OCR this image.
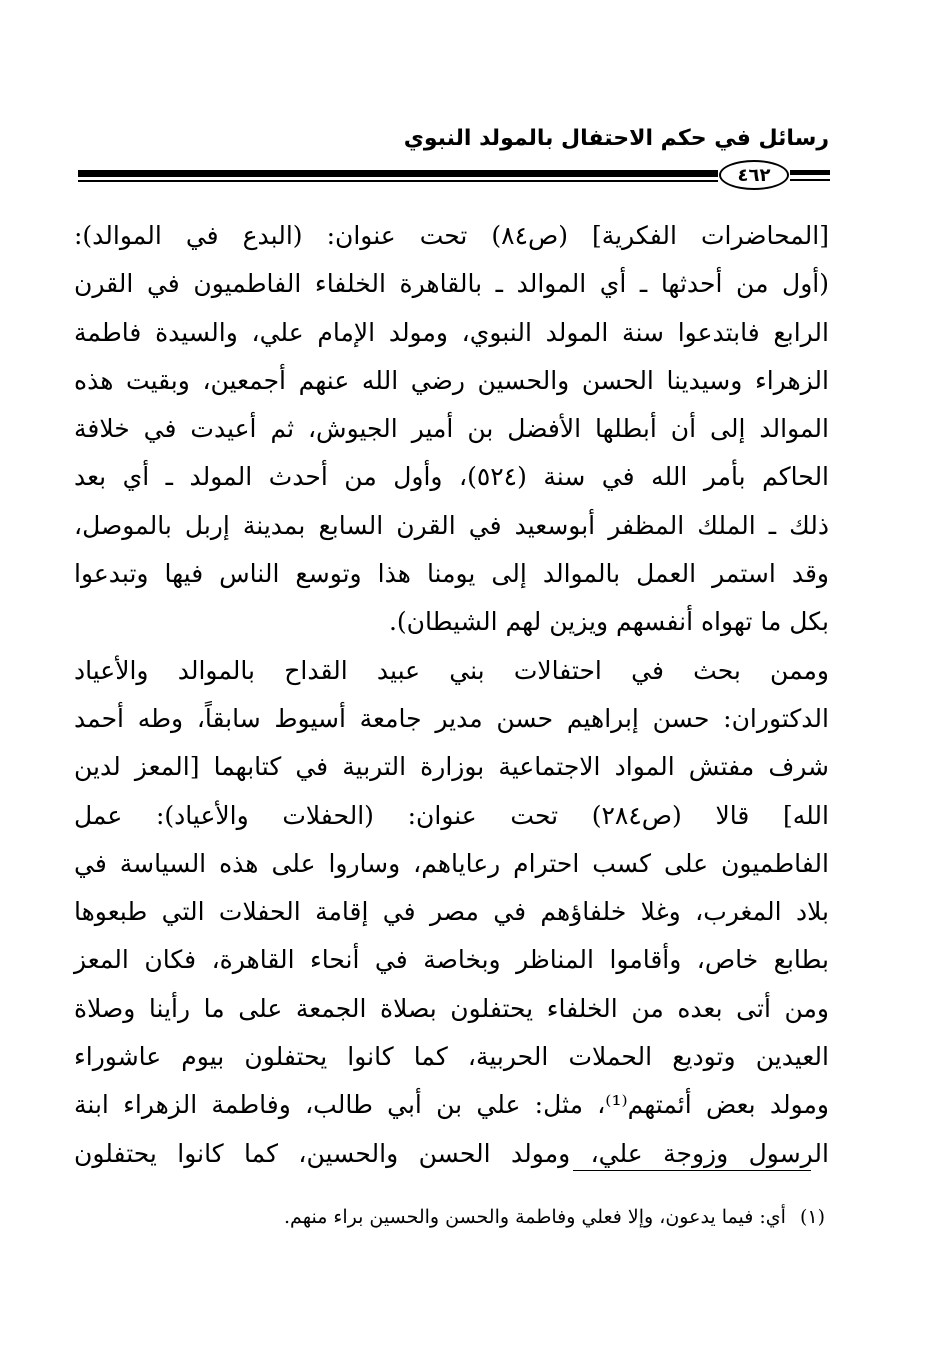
رسائل في حكم الاحتفال بالمولد النبوي
٤٦٢
[المحاضرات الفكرية] (ص٨٤) تحت عنوان: (البدع في الموالد):
(أول من أحدثها ـ أي الموالد ـ بالقاهرة الخلفاء الفاطميون في القرن
الرابع فابتدعوا سنة المولد النبوي، ومولد الإمام علي، والسيدة فاطمة
الزهراء وسيدينا الحسن والحسين رضي الله عنهم أجمعين، وبقيت هذه
الموالد إلى أن أبطلها الأفضل بن أمير الجيوش، ثم أعيدت في خلافة
الحاكم بأمر الله في سنة (٥٢٤)، وأول من أحدث المولد ـ أي بعد
ذلك ـ الملك المظفر أبوسعيد في القرن السابع بمدينة إربل بالموصل،
وقد استمر العمل بالموالد إلى يومنا هذا وتوسع الناس فيها وتبدعوا
بكل ما تهواه أنفسهم ويزين لهم الشيطان).
وممن بحث في احتفالات بني عبيد القداح بالموالد والأعياد
الدكتوران: حسن إبراهيم حسن مدير جامعة أسيوط سابقاً، وطه أحمد
شرف مفتش المواد الاجتماعية بوزارة التربية في كتابهما [المعز لدين
الله] قالا (ص٢٨٤) تحت عنوان: (الحفلات والأعياد): عمل
الفاطميون على كسب احترام رعاياهم، وساروا على هذه السياسة في
بلاد المغرب، وغلا خلفاؤهم في مصر في إقامة الحفلات التي طبعوها
بطابع خاص، وأقاموا المناظر وبخاصة في أنحاء القاهرة، فكان المعز
ومن أتى بعده من الخلفاء يحتفلون بصلاة الجمعة على ما رأينا وصلاة
العيدين وتوديع الحملات الحربية، كما كانوا يحتفلون بيوم عاشوراء
ومولد بعض أئمتهم⁽¹⁾، مثل: علي بن أبي طالب، وفاطمة الزهراء ابنة
الرسول وزوجة علي، ومولد الحسن والحسين، كما كانوا يحتفلون
(١)أي: فيما يدعون، وإلا فعلي وفاطمة والحسن والحسين براء منهم.
